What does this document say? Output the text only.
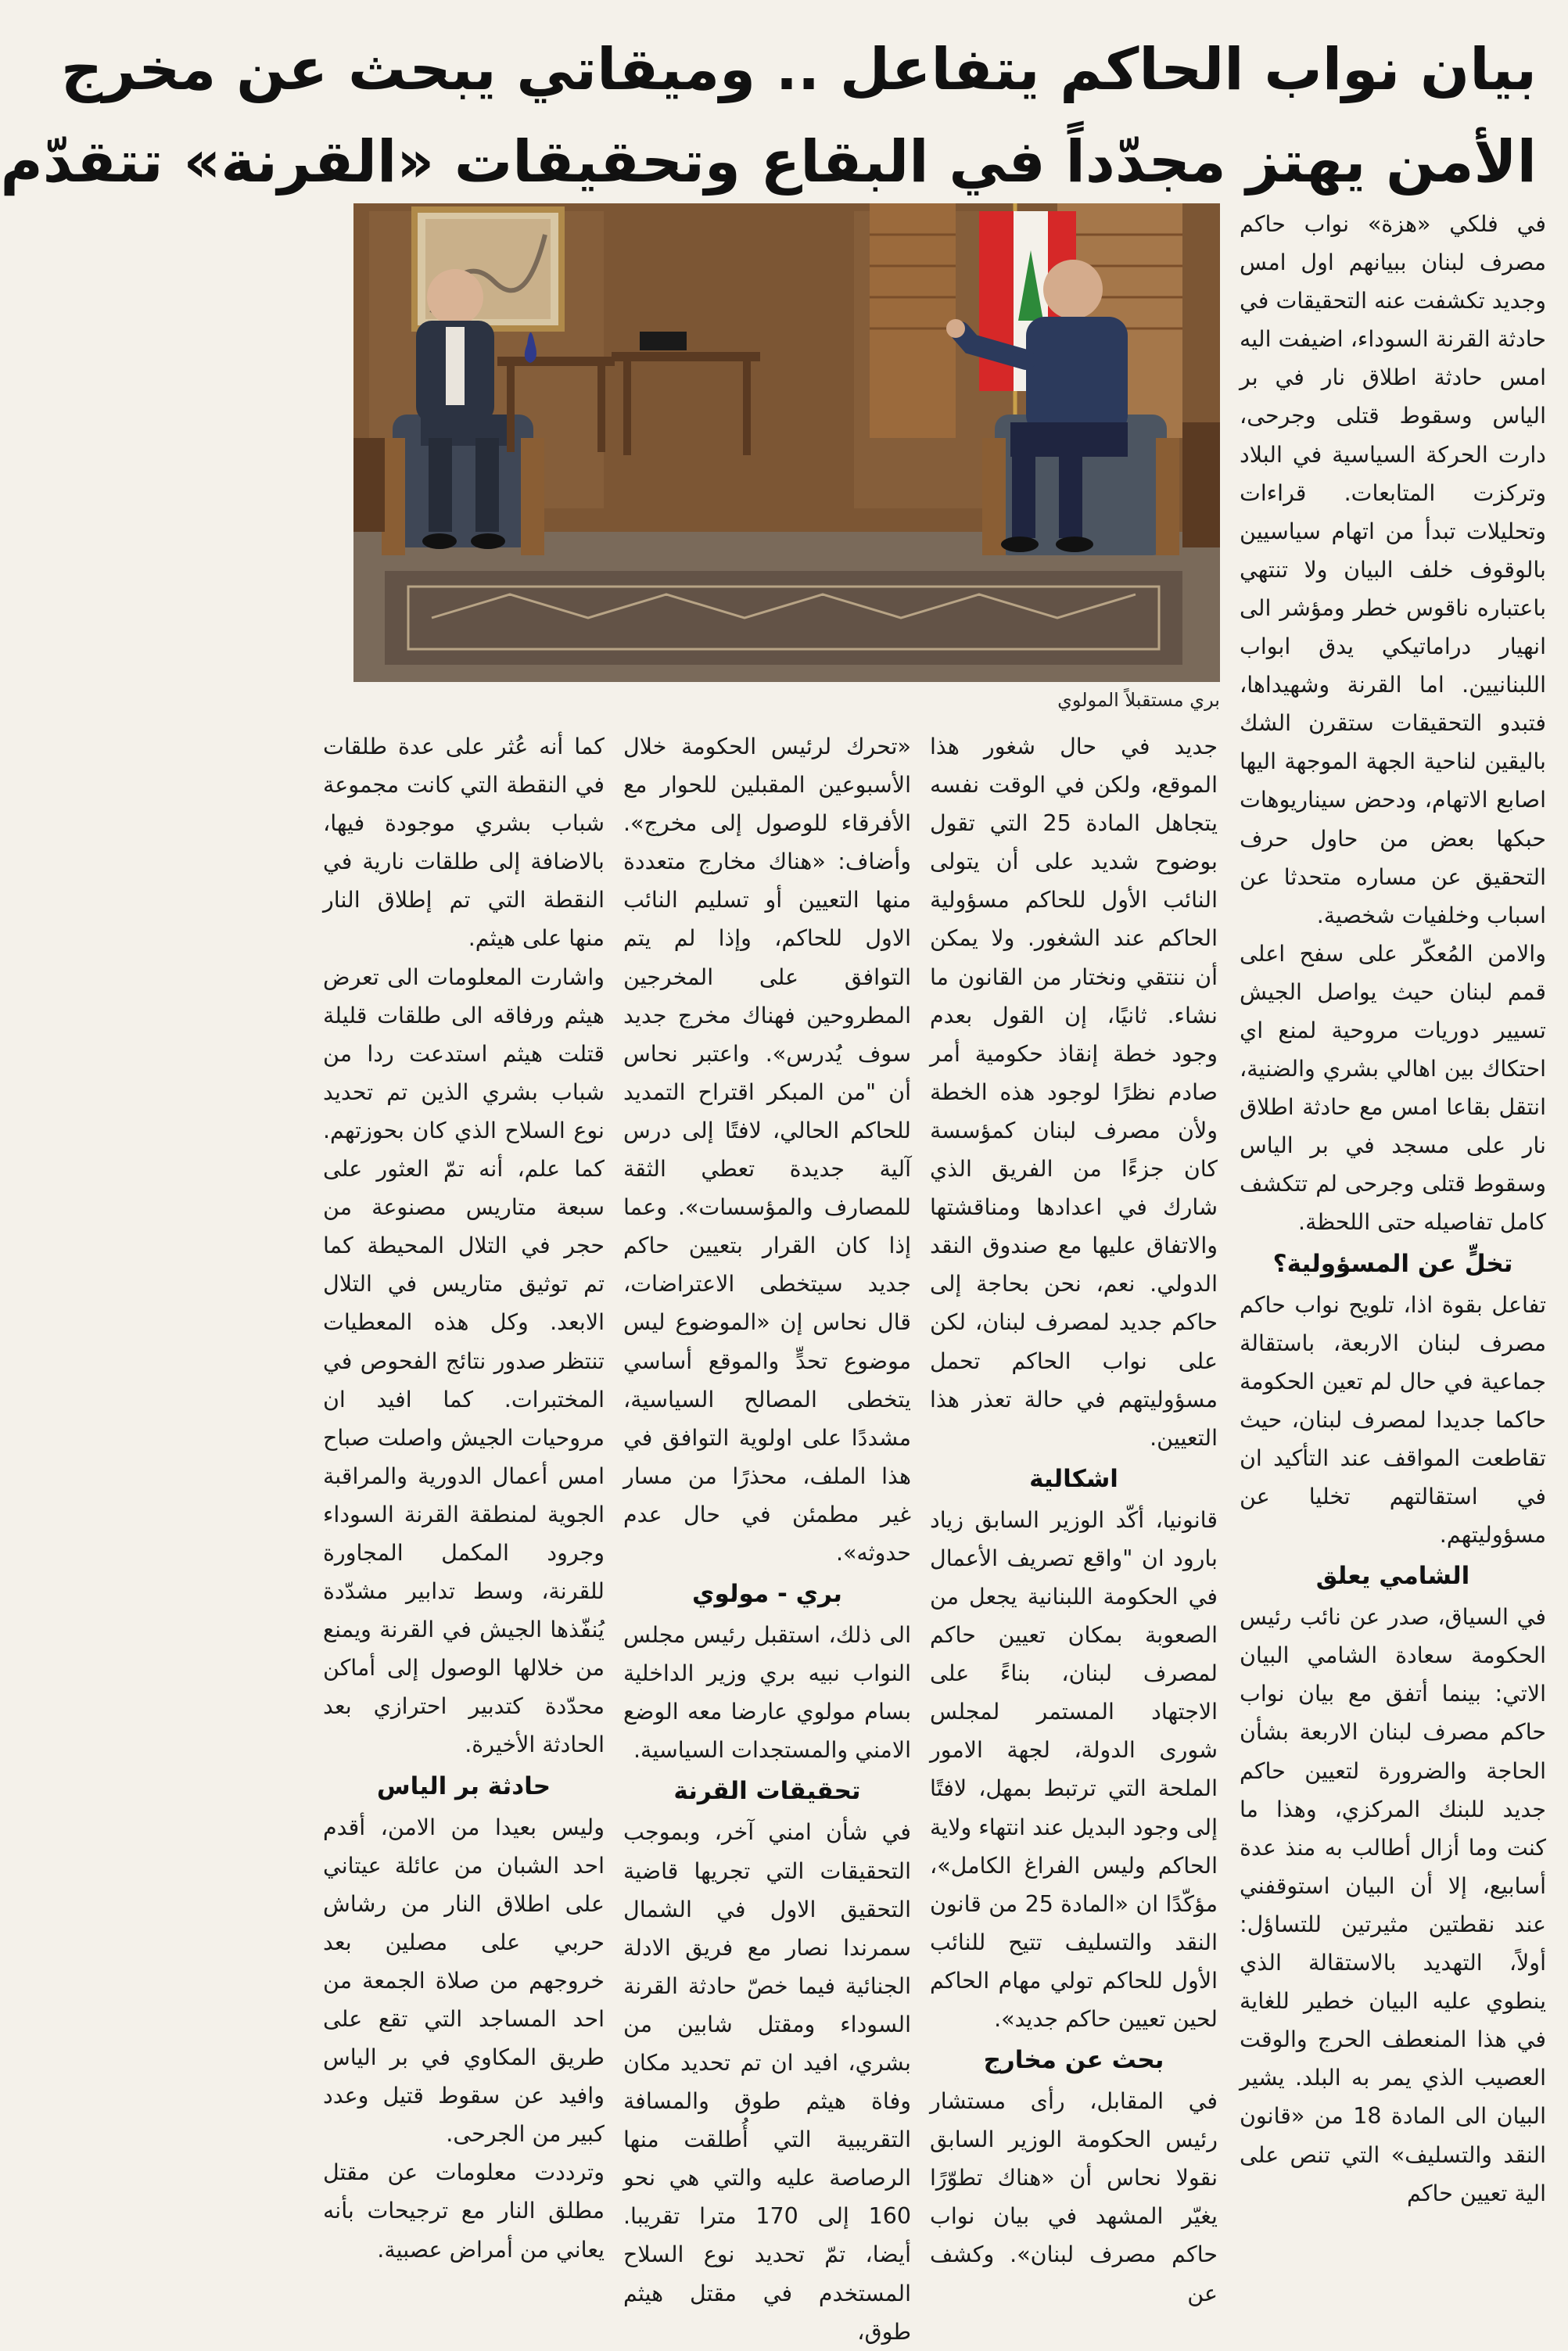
بيان نواب الحاكم يتفاعل .. وميقاتي يبحث عن مخرج
الأمن يهتز مجدّداً في البقاع وتحقيقات «القرنة» تتقدّم
بري مستقبلاً المولوي

في فلكي «هزة» نواب حاكم مصرف لبنان ببيانهم اول امس وجديد تكشفت عنه التحقيقات في حادثة القرنة السوداء، اضيفت اليه امس حادثة اطلاق نار في بر الياس وسقوط قتلى وجرحى، دارت الحركة السياسية في البلاد وتركزت المتابعات. قراءات وتحليلات تبدأ من اتهام سياسيين بالوقوف خلف البيان ولا تنتهي باعتباره ناقوس خطر ومؤشر الى انهيار دراماتيكي يدق ابواب اللبنانيين. اما القرنة وشهيداها، فتبدو التحقيقات ستقرن الشك باليقين لناحية الجهة الموجهة اليها اصابع الاتهام، ودحض سيناريوهات حبكها بعض من حاول حرف التحقيق عن مساره متحدثا عن اسباب وخلفيات شخصية.

والامن المُعكّر على سفح اعلى قمم لبنان حيث يواصل الجيش تسيير دوريات مروحية لمنع اي احتكاك بين اهالي بشري والضنية، انتقل بقاعا امس مع حادثة اطلاق نار على مسجد في بر الياس وسقوط قتلى وجرحى لم تتكشف كامل تفاصيله حتى اللحظة.

تخلٍّ عن المسؤولية؟

تفاعل بقوة اذا، تلويح نواب حاكم مصرف لبنان الاربعة، باستقالة جماعية في حال لم تعين الحكومة حاكما جديدا لمصرف لبنان، حيث تقاطعت المواقف عند التأكيد ان في استقالتهم تخليا عن مسؤوليتهم.

الشامي يعلق

في السياق، صدر عن نائب رئيس الحكومة سعادة الشامي البيان الاتي: بينما أتفق مع بيان نواب حاكم مصرف لبنان الاربعة بشأن الحاجة والضرورة لتعيين حاكم جديد للبنك المركزي، وهذا ما كنت وما أزال أطالب به منذ عدة أسابيع، إلا أن البيان استوقفني عند نقطتين مثيرتين للتساؤل: أولاً، التهديد بالاستقالة الذي ينطوي عليه البيان خطير للغاية في هذا المنعطف الحرج والوقت العصيب الذي يمر به البلد. يشير البيان الى المادة 18 من «قانون النقد والتسليف» التي تنص على الية تعيين حاكم

جديد في حال شغور هذا الموقع، ولكن في الوقت نفسه يتجاهل المادة 25 التي تقول بوضوح شديد على أن يتولى النائب الأول للحاكم مسؤولية الحاكم عند الشغور. ولا يمكن أن ننتقي ونختار من القانون ما نشاء. ثانيًا، إن القول بعدم وجود خطة إنقاذ حكومية أمر صادم نظرًا لوجود هذه الخطة ولأن مصرف لبنان كمؤسسة كان جزءًا من الفريق الذي شارك في اعدادها ومناقشتها والاتفاق عليها مع صندوق النقد الدولي. نعم، نحن بحاجة إلى حاكم جديد لمصرف لبنان، لكن على نواب الحاكم تحمل مسؤوليتهم في حالة تعذر هذا التعيين.

اشكالية

قانونيا، أكّد الوزير السابق زياد بارود ان "واقع تصريف الأعمال في الحكومة اللبنانية يجعل من الصعوبة بمكان تعيين حاكم لمصرف لبنان، بناءً على الاجتهاد المستمر لمجلس شورى الدولة، لجهة الامور الملحة التي ترتبط بمهل، لافتًا إلى وجود البديل عند انتهاء ولاية الحاكم وليس الفراغ الكامل»، مؤكّدًا ان «المادة 25 من قانون النقد والتسليف تتيح للنائب الأول للحاكم تولي مهام الحاكم لحين تعيين حاكم جديد».

بحث عن مخارج

في المقابل، رأى مستشار رئيس الحكومة الوزير السابق نقولا نحاس أن «هناك تطوّرًا يغيّر المشهد في بيان نواب حاكم مصرف لبنان». وكشف عن

«تحرك لرئيس الحكومة خلال الأسبوعين المقبلين للحوار مع الأفرقاء للوصول إلى مخرج». وأضاف: «هناك مخارج متعددة منها التعيين أو تسليم النائب الاول للحاكم، وإذا لم يتم التوافق على المخرجين المطروحين فهناك مخرج جديد سوف يُدرس». واعتبر نحاس أن "من المبكر اقتراح التمديد للحاكم الحالي، لافتًا إلى درس آلية جديدة تعطي الثقة للمصارف والمؤسسات». وعما إذا كان القرار بتعيين حاكم جديد سيتخطى الاعتراضات، قال نحاس إن «الموضوع ليس موضوع تحدٍّ والموقع أساسي يتخطى المصالح السياسية، مشددًا على اولوية التوافق في هذا الملف، محذرًا من مسار غير مطمئن في حال عدم حدوثه».

بري - مولوي

الى ذلك، استقبل رئيس مجلس النواب نبيه بري وزير الداخلية بسام مولوي عارضا معه الوضع الامني والمستجدات السياسية.

تحقيقات القرنة

في شأن امني آخر، وبموجب التحقيقات التي تجريها قاضية التحقيق الاول في الشمال سمرندا نصار مع فريق الادلة الجنائية فيما خصّ حادثة القرنة السوداء ومقتل شابين من بشري، افيد ان تم تحديد مكان وفاة هيثم طوق والمسافة التقريبية التي أُطلقت منها الرصاصة عليه والتي هي نحو 160 إلى 170 مترا تقريبا. أيضا، تمّ تحديد نوع السلاح المستخدم في مقتل هيثم طوق،

كما أنه عُثر على عدة طلقات في النقطة التي كانت مجموعة شباب بشري موجودة فيها، بالاضافة إلى طلقات نارية في النقطة التي تم إطلاق النار منها على هيثم.

واشارت المعلومات الى تعرض هيثم ورفاقه الى طلقات قليلة قتلت هيثم استدعت ردا من شباب بشري الذين تم تحديد نوع السلاح الذي كان بحوزتهم. كما علم، أنه تمّ العثور على سبعة متاريس مصنوعة من حجر في التلال المحيطة كما تم توثيق متاريس في التلال الابعد. وكل هذه المعطيات تنتظر صدور نتائج الفحوص في المختبرات. كما افيد ان مروحيات الجيش واصلت صباح امس أعمال الدورية والمراقبة الجوية لمنطقة القرنة السوداء وجرود المكمل المجاورة للقرنة، وسط تدابير مشدّدة يُنفّذها الجيش في القرنة ويمنع من خلالها الوصول إلى أماكن محدّدة كتدبير احترازي بعد الحادثة الأخيرة.

حادثة بر الياس

وليس بعيدا من الامن، أقدم احد الشبان من عائلة عيتاني على اطلاق النار من رشاش حربي على مصلين بعد خروجهم من صلاة الجمعة من احد المساجد التي تقع على طريق المكاوي في بر الياس وافيد عن سقوط قتيل وعدد كبير من الجرحى.

وترددت معلومات عن مقتل مطلق النار مع ترجيحات بأنه يعاني من أمراض عصبية.
